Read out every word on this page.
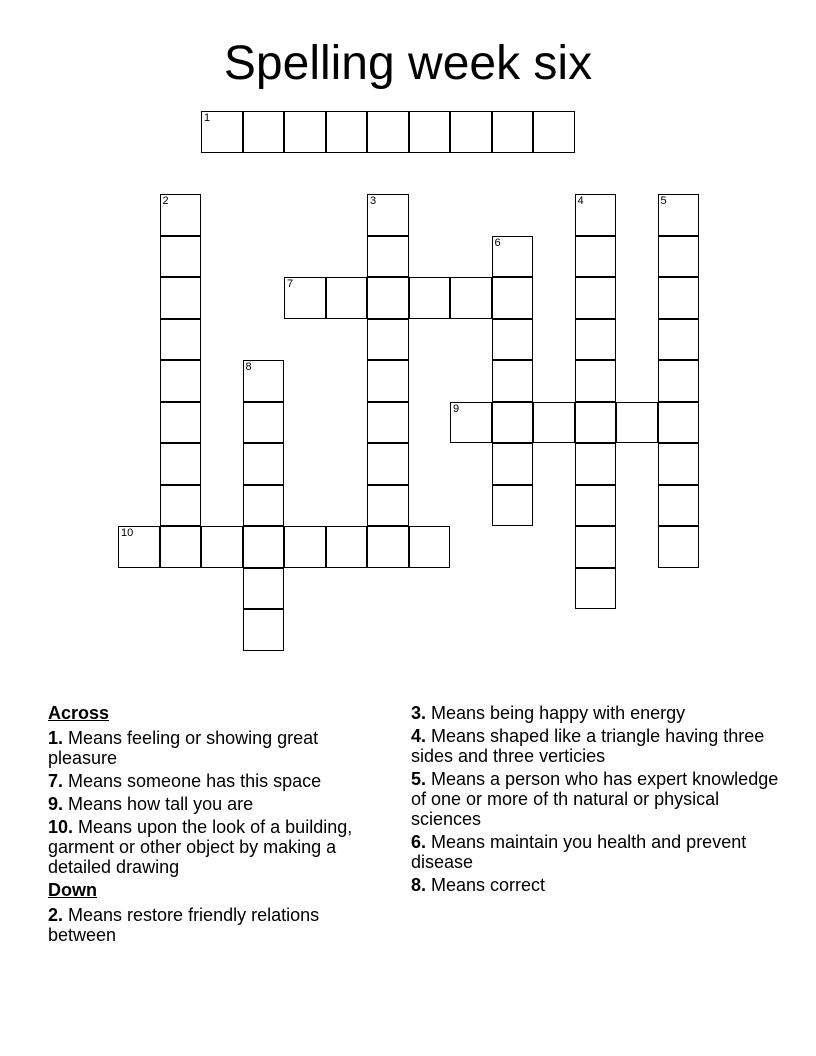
Spelling week six
1
2	3	4	5
6
7
8
9
10
Across
1. Means feeling or showing great pleasure
7. Means someone has this space
9. Means how tall you are
10. Means upon the look of a building, garment or other object by making a detailed drawing
Down
2. Means restore friendly relations between
3. Means being happy with energy
4. Means shaped like a triangle having three sides and three verticies
5. Means a person who has expert knowledge of one or more of th natural or physical sciences
6. Means maintain you health and prevent disease
8. Means correct
